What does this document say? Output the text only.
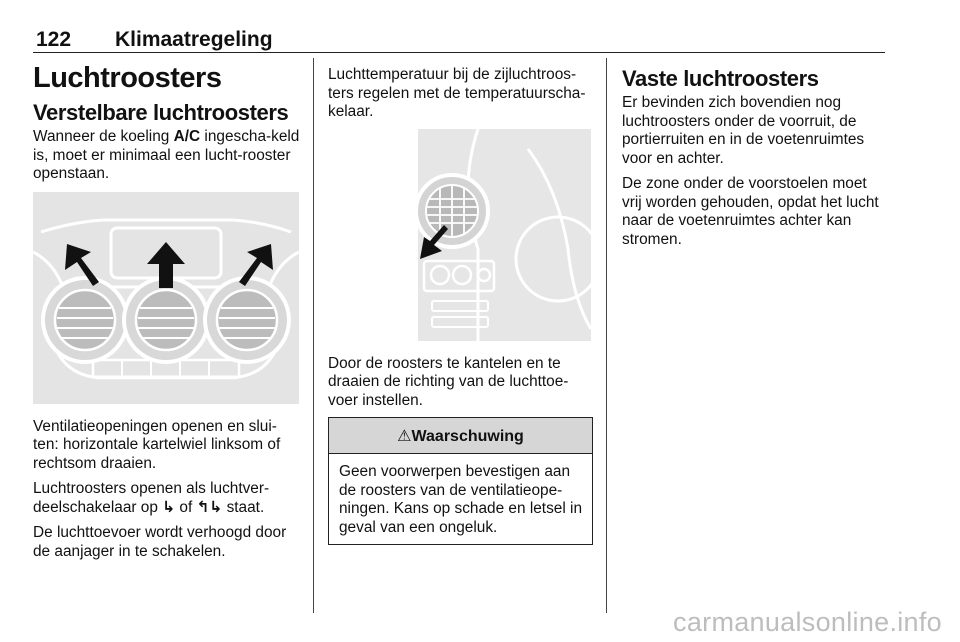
122 Klimaatregeling
Luchtroosters
Verstelbare luchtroosters

Wanneer de koeling A/C ingescha-keld is, moet er minimaal een lucht-rooster openstaan.

Ventilatieopeningen openen en slui-ten: horizontale kartelwiel linksom of rechtsom draaien.

Luchtroosters openen als luchtver-deelschakelaar op ↳ of ↰↳ staat.

De luchttoevoer wordt verhoogd door de aanjager in te schakelen.

Luchttemperatuur bij de zijluchtroos-ters regelen met de temperatuurscha-kelaar.

Door de roosters te kantelen en te draaien de richting van de luchttoe-voer instellen.

⚠Waarschuwing

Geen voorwerpen bevestigen aan de roosters van de ventilatieope-ningen. Kans op schade en letsel in geval van een ongeluk.

Vaste luchtroosters

Er bevinden zich bovendien nog luchtroosters onder de voorruit, de portierruiten en in de voetenruimtes voor en achter.

De zone onder de voorstoelen moet vrij worden gehouden, opdat het lucht naar de voetenruimtes achter kan stromen.

carmanualsonline.info
